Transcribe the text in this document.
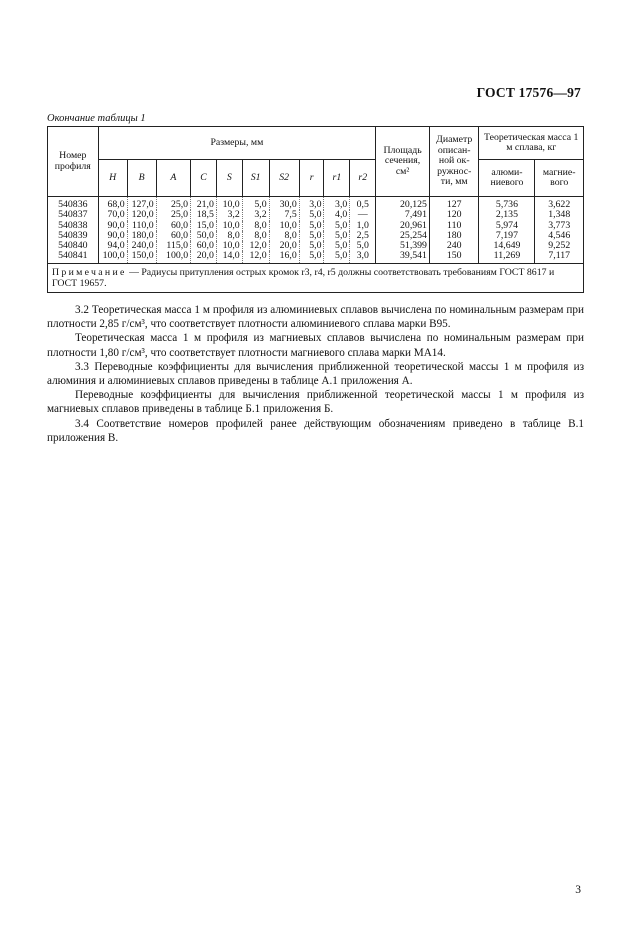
ГОСТ 17576—97
Окончание таблицы 1
Номер профиля	Размеры, мм										Площадь сечения, см²	Диаметр описан-ной ок-ружнос-ти, мм	Теоретическая масса 1 м сплава, кг	
	H	B	A	C	S	S1	S2	r	r1	r2			алюми-ниевого	магние-вого
540836	68,0	127,0	25,0	21,0	10,0	5,0	30,0	3,0	3,0	0,5	20,125	127	5,736	3,622
540837	70,0	120,0	25,0	18,5	3,2	3,2	7,5	5,0	4,0	—	7,491	120	2,135	1,348
540838	90,0	110,0	60,0	15,0	10,0	8,0	10,0	5,0	5,0	1,0	20,961	110	5,974	3,773
540839	90,0	180,0	60,0	50,0	8,0	8,0	8,0	5,0	5,0	2,5	25,254	180	7,197	4,546
540840	94,0	240,0	115,0	60,0	10,0	12,0	20,0	5,0	5,0	5,0	51,399	240	14,649	9,252
540841	100,0	150,0	100,0	20,0	14,0	12,0	16,0	5,0	5,0	3,0	39,541	150	11,269	7,117
Примечание — Радиусы притупления острых кромок r3, r4, r5 должны соответствовать требованиям ГОСТ 8617 и ГОСТ 19657.														

3.2 Теоретическая масса 1 м профиля из алюминиевых сплавов вычислена по номинальным размерам при плотности 2,85 г/см³, что соответствует плотности алюминиевого сплава марки В95.

Теоретическая масса 1 м профиля из магниевых сплавов вычислена по номинальным размерам при плотности 1,80 г/см³, что соответствует плотности магниевого сплава марки МА14.

3.3 Переводные коэффициенты для вычисления приближенной теоретической массы 1 м профиля из алюминия и алюминиевых сплавов приведены в таблице А.1 приложения А.

Переводные коэффициенты для вычисления приближенной теоретической массы 1 м профиля из магниевых сплавов приведены в таблице Б.1 приложения Б.

3.4 Соответствие номеров профилей ранее действующим обозначениям приведено в таблице В.1 приложения В.

3
